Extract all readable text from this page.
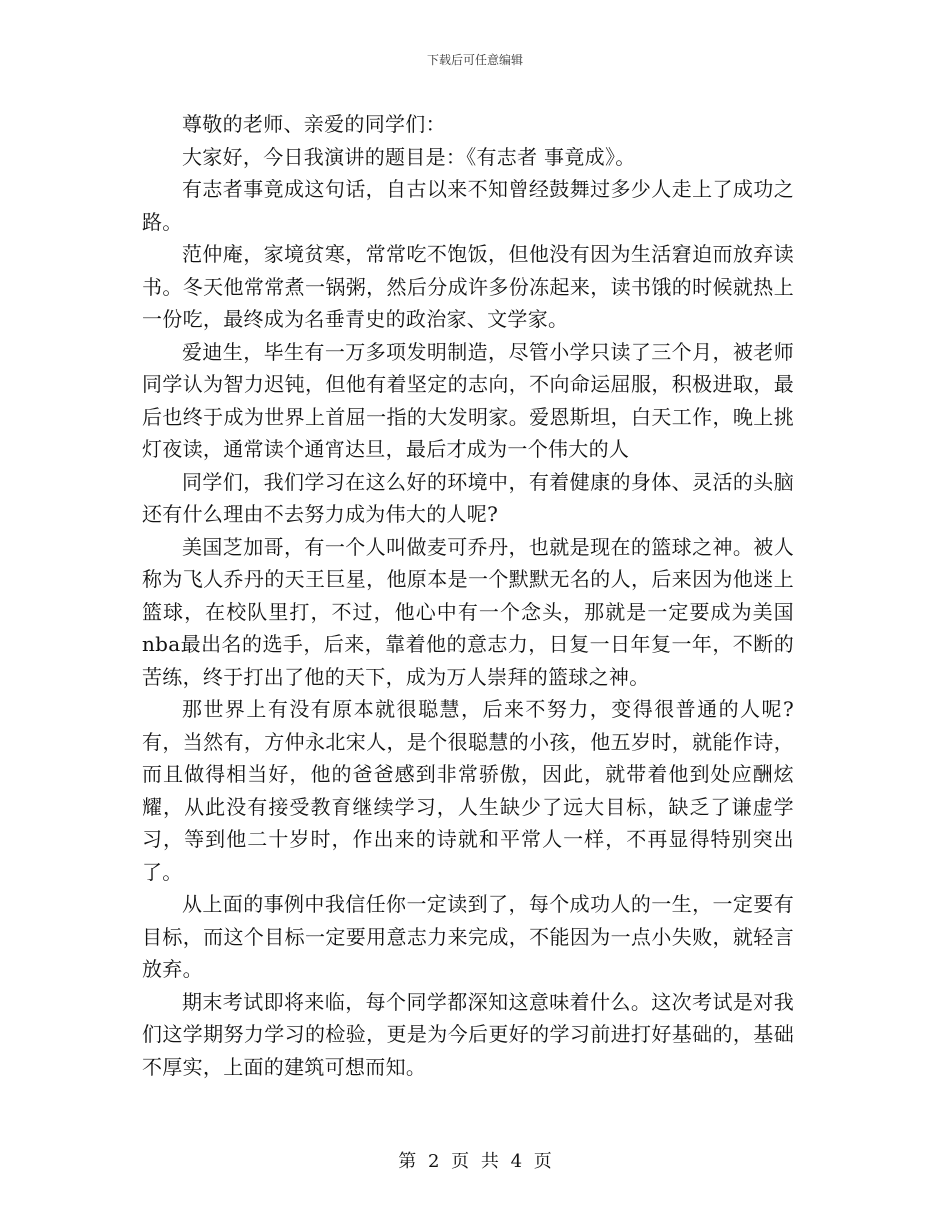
下载后可任意编辑

尊敬的老师、亲爱的同学们：

大家好，今日我演讲的题目是：《有志者 事竟成》。

有志者事竟成这句话，自古以来不知曾经鼓舞过多少人走上了成功之路。

范仲庵，家境贫寒，常常吃不饱饭，但他没有因为生活窘迫而放弃读书。冬天他常常煮一锅粥，然后分成许多份冻起来，读书饿的时候就热上一份吃，最终成为名垂青史的政治家、文学家。

爱迪生，毕生有一万多项发明制造，尽管小学只读了三个月，被老师同学认为智力迟钝，但他有着坚定的志向，不向命运屈服，积极进取，最后也终于成为世界上首屈一指的大发明家。爱恩斯坦，白天工作，晚上挑灯夜读，通常读个通宵达旦，最后才成为一个伟大的人

同学们，我们学习在这么好的环境中，有着健康的身体、灵活的头脑还有什么理由不去努力成为伟大的人呢?

美国芝加哥，有一个人叫做麦可乔丹，也就是现在的篮球之神。被人称为飞人乔丹的天王巨星，他原本是一个默默无名的人，后来因为他迷上篮球，在校队里打，不过，他心中有一个念头，那就是一定要成为美国nba最出名的选手，后来，靠着他的意志力，日复一日年复一年，不断的苦练，终于打出了他的天下，成为万人崇拜的篮球之神。

那世界上有没有原本就很聪慧，后来不努力，变得很普通的人呢?有，当然有，方仲永北宋人，是个很聪慧的小孩，他五岁时，就能作诗，而且做得相当好，他的爸爸感到非常骄傲，因此，就带着他到处应酬炫耀，从此没有接受教育继续学习，人生缺少了远大目标，缺乏了谦虚学习，等到他二十岁时，作出来的诗就和平常人一样，不再显得特别突出了。

从上面的事例中我信任你一定读到了，每个成功人的一生，一定要有目标，而这个目标一定要用意志力来完成，不能因为一点小失败，就轻言放弃。

期末考试即将来临，每个同学都深知这意味着什么。这次考试是对我们这学期努力学习的检验，更是为今后更好的学习前进打好基础的，基础不厚实，上面的建筑可想而知。

第 2 页 共 4 页
